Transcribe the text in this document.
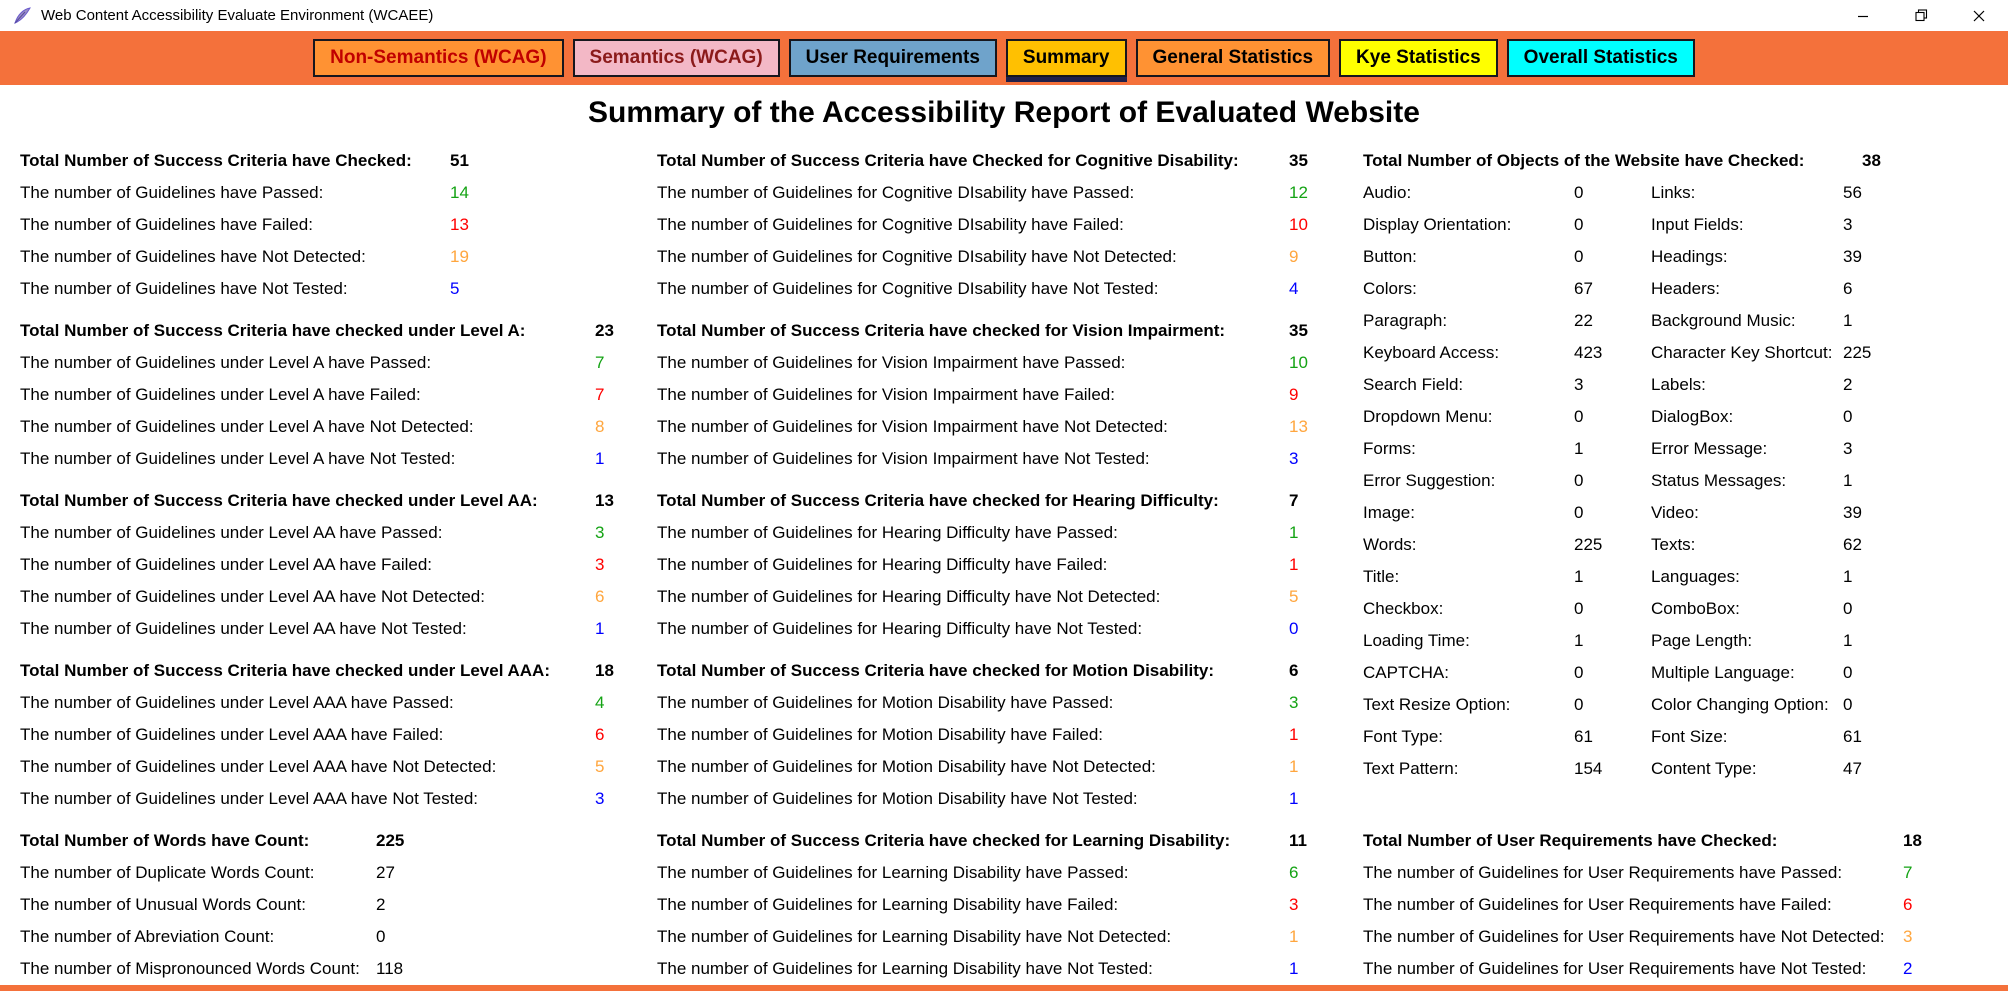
Web Content Accessibility Evaluate Environment (WCAEE)
Non-Semantics (WCAG)	Semantics (WCAG)	User Requirements	Summary	General Statistics	Kye Statistics	Overall Statistics
Summary of the Accessibility Report of Evaluated Website
Total Number of Success Criteria have Checked:	51
The number of Guidelines have Passed:	14
The number of Guidelines have Failed:	13
The number of Guidelines have Not Detected:	19
The number of Guidelines have Not Tested:	5
Total Number of Success Criteria have checked under Level A:	23
The number of Guidelines under Level A have Passed:	7
The number of Guidelines under Level A have Failed:	7
The number of Guidelines under Level A have Not Detected:	8
The number of Guidelines under Level A have Not Tested:	1
Total Number of Success Criteria have checked under Level AA:	13
The number of Guidelines under Level AA have Passed:	3
The number of Guidelines under Level AA have Failed:	3
The number of Guidelines under Level AA have Not Detected:	6
The number of Guidelines under Level AA have Not Tested:	1
Total Number of Success Criteria have checked under Level AAA:	18
The number of Guidelines under Level AAA have Passed:	4
The number of Guidelines under Level AAA have Failed:	6
The number of Guidelines under Level AAA have Not Detected:	5
The number of Guidelines under Level AAA have Not Tested:	3
Total Number of Words have Count:	225
The number of Duplicate Words Count:	27
The number of Unusual Words Count:	2
The number of Abreviation Count:	0
The number of Mispronounced Words Count: 118
Total Number of Success Criteria have Checked for Cognitive Disability:	35
The number of Guidelines for Cognitive DIsability have Passed:	12
The number of Guidelines for Cognitive DIsability have Failed:	10
The number of Guidelines for Cognitive DIsability have Not Detected:	9
The number of Guidelines for Cognitive DIsability have Not Tested:	4
Total Number of Success Criteria have checked for Vision Impairment:	35
The number of Guidelines for Vision Impairment have Passed:	10
The number of Guidelines for Vision Impairment have Failed:	9
The number of Guidelines for Vision Impairment have Not Detected:	13
The number of Guidelines for Vision Impairment have Not Tested:	3
Total Number of Success Criteria have checked for Hearing Difficulty:	7
The number of Guidelines for Hearing Difficulty have Passed:	1
The number of Guidelines for Hearing Difficulty have Failed:	1
The number of Guidelines for Hearing Difficulty have Not Detected:	5
The number of Guidelines for Hearing Difficulty have Not Tested:	0
Total Number of Success Criteria have checked for Motion Disability:	6
The number of Guidelines for Motion Disability have Passed:	3
The number of Guidelines for Motion Disability have Failed:	1
The number of Guidelines for Motion Disability have Not Detected:	1
The number of Guidelines for Motion Disability have Not Tested:	1
Total Number of Success Criteria have checked for Learning Disability:	11
The number of Guidelines for Learning Disability have Passed:	6
The number of Guidelines for Learning Disability have Failed:	3
The number of Guidelines for Learning Disability have Not Detected:	1
The number of Guidelines for Learning Disability have Not Tested:	1
Total Number of Objects of the Website have Checked:	38
Audio:	0	Links:	56
Display Orientation:	0	Input Fields:	3
Button:	0	Headings:	39
Colors:	67	Headers:	6
Paragraph:	22	Background Music:	1
Keyboard Access:	423	Character Key Shortcut: 225
Search Field:	3	Labels:	2
Dropdown Menu:	0	DialogBox:	0
Forms:	1	Error Message:	3
Error Suggestion:	0	Status Messages:	1
Image:	0	Video:	39
Words:	225	Texts:	62
Title:	1	Languages:	1
Checkbox:	0	ComboBox:	0
Loading Time:	1	Page Length:	1
CAPTCHA:	0	Multiple Language:	0
Text Resize Option:	0	Color Changing Option: 0
Font Type:	61	Font Size:	61
Text Pattern:	154	Content Type:	47
Total Number of User Requirements have Checked:	18
The number of Guidelines for User Requirements have Passed:	7
The number of Guidelines for User Requirements have Failed:	6
The number of Guidelines for User Requirements have Not Detected:	3
The number of Guidelines for User Requirements have Not Tested:	2
